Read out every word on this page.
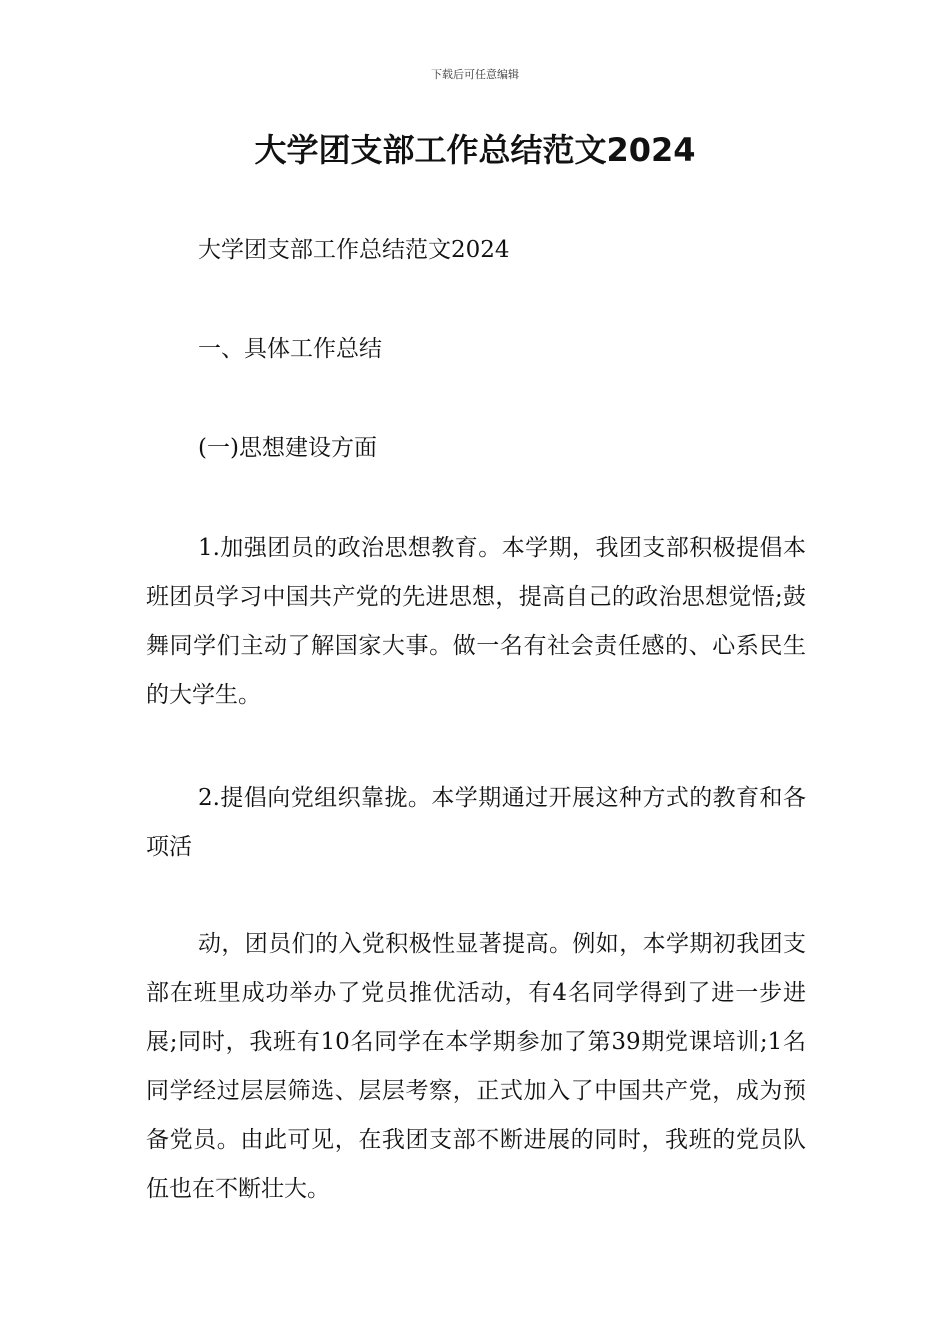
下载后可任意编辑
大学团支部工作总结范文2024

大学团支部工作总结范文2024

一、具体工作总结

(一)思想建设方面

1.加强团员的政治思想教育。本学期，我团支部积极提倡本班团员学习中国共产党的先进思想，提高自己的政治思想觉悟;鼓舞同学们主动了解国家大事。做一名有社会责任感的、心系民生的大学生。

2.提倡向党组织靠拢。本学期通过开展这种方式的教育和各项活

动，团员们的入党积极性显著提高。例如，本学期初我团支部在班里成功举办了党员推优活动，有4名同学得到了进一步进展;同时，我班有10名同学在本学期参加了第39期党课培训;1名同学经过层层筛选、层层考察，正式加入了中国共产党，成为预备党员。由此可见，在我团支部不断进展的同时，我班的党员队伍也在不断壮大。
